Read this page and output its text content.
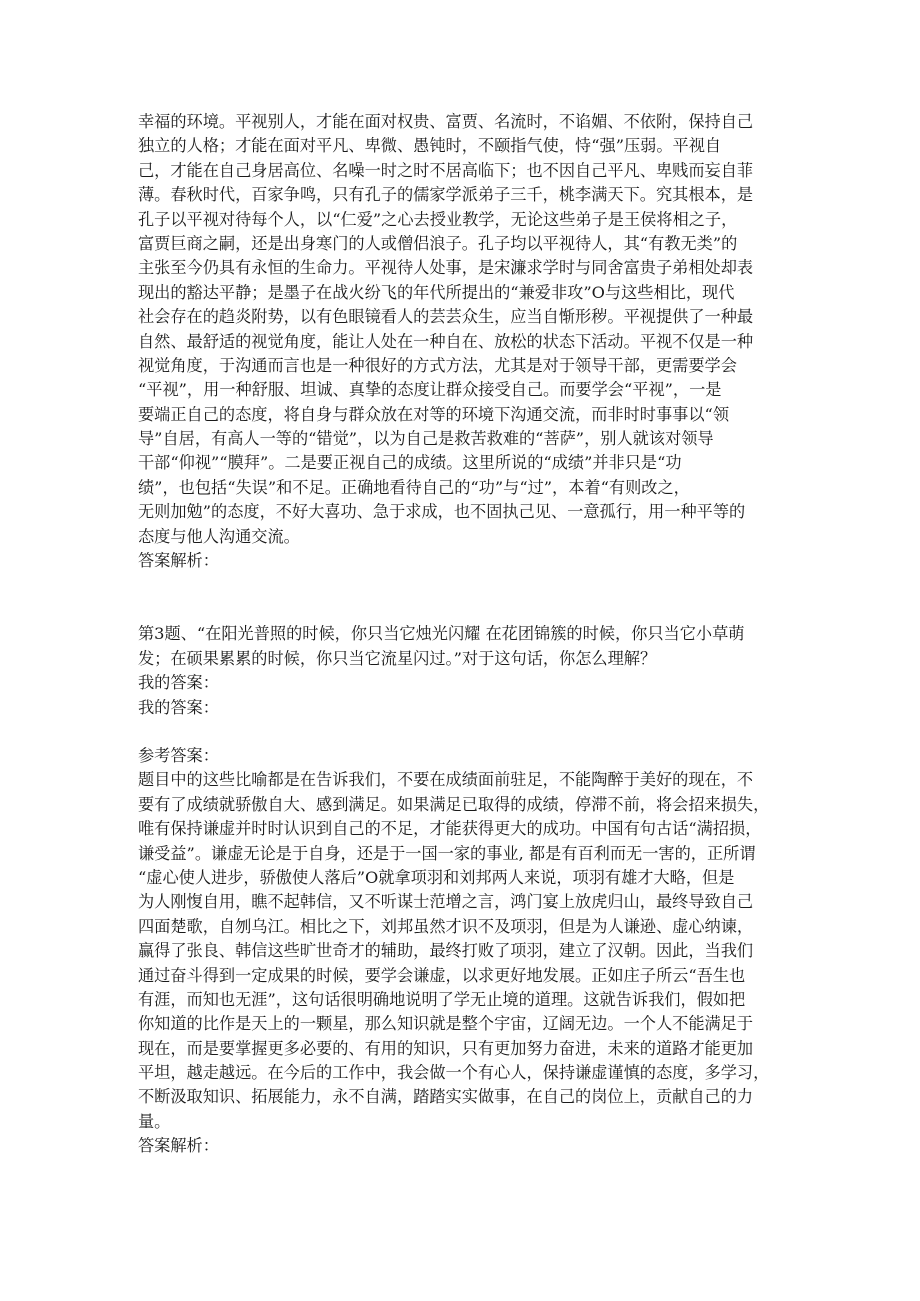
幸福的环境。平视别人，才能在面对权贵、富贾、名流时，不谄媚、不依附，保持自己
独立的人格；才能在面对平凡、卑微、愚钝时，不颐指气使，恃“强”压弱。平视自
己，才能在自己身居高位、名噪一时之时不居高临下；也不因自己平凡、卑贱而妄自菲
薄。春秋时代，百家争鸣，只有孔子的儒家学派弟子三千，桃李满天下。究其根本，是
孔子以平视对待每个人，以“仁爱”之心去授业教学，无论这些弟子是王侯将相之子，
富贾巨商之嗣，还是出身寒门的人或僧侣浪子。孔子均以平视待人，其“有教无类”的
主张至今仍具有永恒的生命力。平视待人处事，是宋濂求学时与同舍富贵子弟相处却表
现出的豁达平静；是墨子在战火纷飞的年代所提出的“兼爱非攻”O与这些相比，现代
社会存在的趋炎附势，以有色眼镜看人的芸芸众生，应当自惭形秽。平视提供了一种最
自然、最舒适的视觉角度，能让人处在一种自在、放松的状态下活动。平视不仅是一种
视觉角度，于沟通而言也是一种很好的方式方法，尤其是对于领导干部，更需要学会
“平视”，用一种舒服、坦诚、真挚的态度让群众接受自己。而要学会“平视”，一是
要端正自己的态度，将自身与群众放在对等的环境下沟通交流，而非时时事事以“领
导”自居，有高人一等的“错觉”，以为自己是救苦救难的“菩萨”，别人就该对领导
干部“仰视”“膜拜”。二是要正视自己的成绩。这里所说的“成绩”并非只是“功
绩”，也包括“失误”和不足。正确地看待自己的“功”与“过”，本着“有则改之，
无则加勉”的态度，不好大喜功、急于求成，也不固执己见、一意孤行，用一种平等的
态度与他人沟通交流。
答案解析：
第3题、“在阳光普照的时候，你只当它烛光闪耀 在花团锦簇的时候，你只当它小草萌
发；在硕果累累的时候，你只当它流星闪过。”对于这句话，你怎么理解？
我的答案：
我的答案：
参考答案：
题目中的这些比喻都是在告诉我们，不要在成绩面前驻足，不能陶醉于美好的现在，不
要有了成绩就骄傲自大、感到满足。如果满足已取得的成绩，停滞不前，将会招来损失，
唯有保持谦虚并时时认识到自己的不足，才能获得更大的成功。中国有句古话“满招损，
谦受益”。谦虚无论是于自身，还是于一国一家的事业, 都是有百利而无一害的，正所谓
“虚心使人进步，骄傲使人落后”O就拿项羽和刘邦两人来说，项羽有雄才大略，但是
为人刚愎自用，瞧不起韩信，又不听谋士范增之言，鸿门宴上放虎归山，最终导致自己
四面楚歌，自刎乌江。相比之下，刘邦虽然才识不及项羽，但是为人谦逊、虚心纳谏，
赢得了张良、韩信这些旷世奇才的辅助，最终打败了项羽，建立了汉朝。因此，当我们
通过奋斗得到一定成果的时候，要学会谦虚，以求更好地发展。正如庄子所云“吾生也
有涯，而知也无涯”，这句话很明确地说明了学无止境的道理。这就告诉我们，假如把
你知道的比作是天上的一颗星，那么知识就是整个宇宙，辽阔无边。一个人不能满足于
现在，而是要掌握更多必要的、有用的知识，只有更加努力奋进，未来的道路才能更加
平坦，越走越远。在今后的工作中，我会做一个有心人，保持谦虚谨慎的态度，多学习，
不断汲取知识、拓展能力，永不自满，踏踏实实做事，在自己的岗位上，贡献自己的力
量。
答案解析：
